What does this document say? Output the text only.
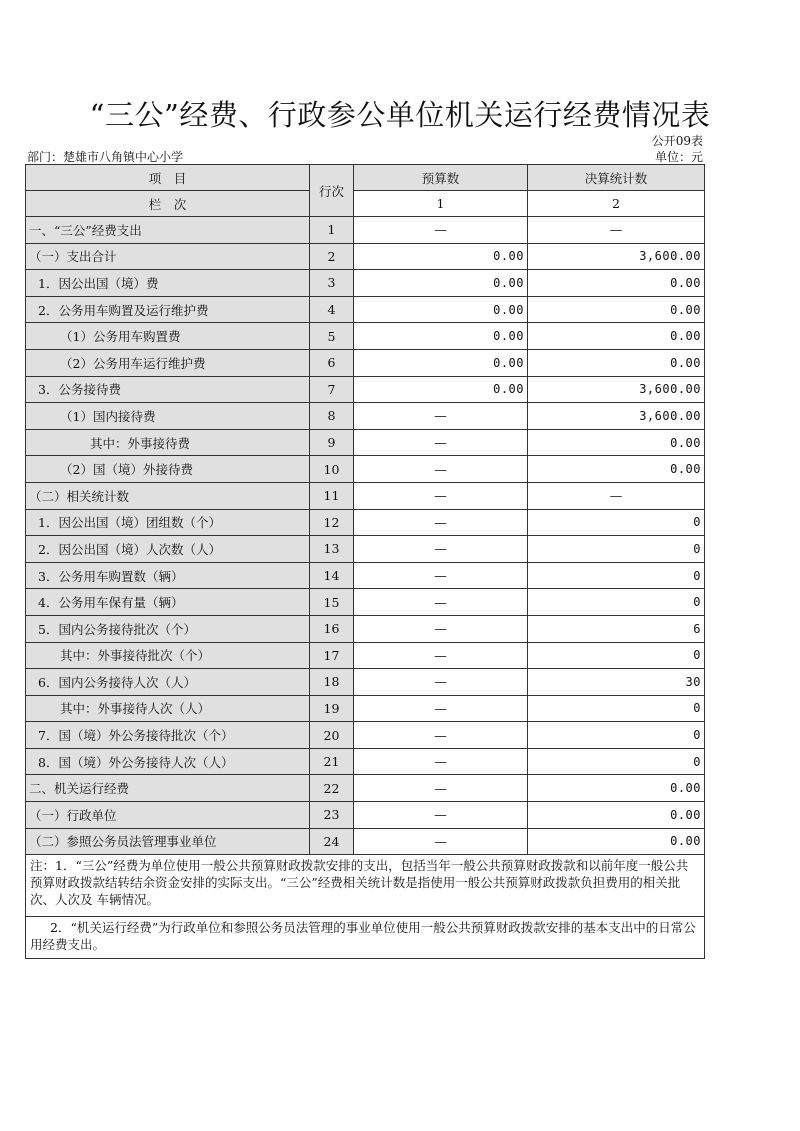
“三公”经费、行政参公单位机关运行经费情况表
公开09表
部门：楚雄市八角镇中心小学	单位：元
项　目	行次	预算数	决算统计数
栏　次		1	2
一、“三公”经费支出	1	—	—
（一）支出合计	2	0.00	3,600.00
1．因公出国（境）费	3	0.00	0.00
2．公务用车购置及运行维护费	4	0.00	0.00
（1）公务用车购置费	5	0.00	0.00
（2）公务用车运行维护费	6	0.00	0.00
3．公务接待费	7	0.00	3,600.00
（1）国内接待费	8	—	3,600.00
其中：外事接待费	9	—	0.00
（2）国（境）外接待费	10	—	0.00
（二）相关统计数	11	—	—
1．因公出国（境）团组数（个）	12	—	0
2．因公出国（境）人次数（人）	13	—	0
3．公务用车购置数（辆）	14	—	0
4．公务用车保有量（辆）	15	—	0
5．国内公务接待批次（个）	16	—	6
其中：外事接待批次（个）	17	—	0
6．国内公务接待人次（人）	18	—	30
其中：外事接待人次（人）	19	—	0
7．国（境）外公务接待批次（个）	20	—	0
8．国（境）外公务接待人次（人）	21	—	0
二、机关运行经费	22	—	0.00
（一）行政单位	23	—	0.00
（二）参照公务员法管理事业单位	24	—	0.00
注：1．“三公”经费为单位使用一般公共预算财政拨款安排的支出，包括当年一般公共预算财政拨款和以前年度一般公共预算财政拨款结转结余资金安排的实际支出。“三公”经费相关统计数是指使用一般公共预算财政拨款负担费用的相关批次、人次及 车辆情况。			
2．“机关运行经费”为行政单位和参照公务员法管理的事业单位使用一般公共预算财政拨款安排的基本支出中的日常公用经费支出。			
